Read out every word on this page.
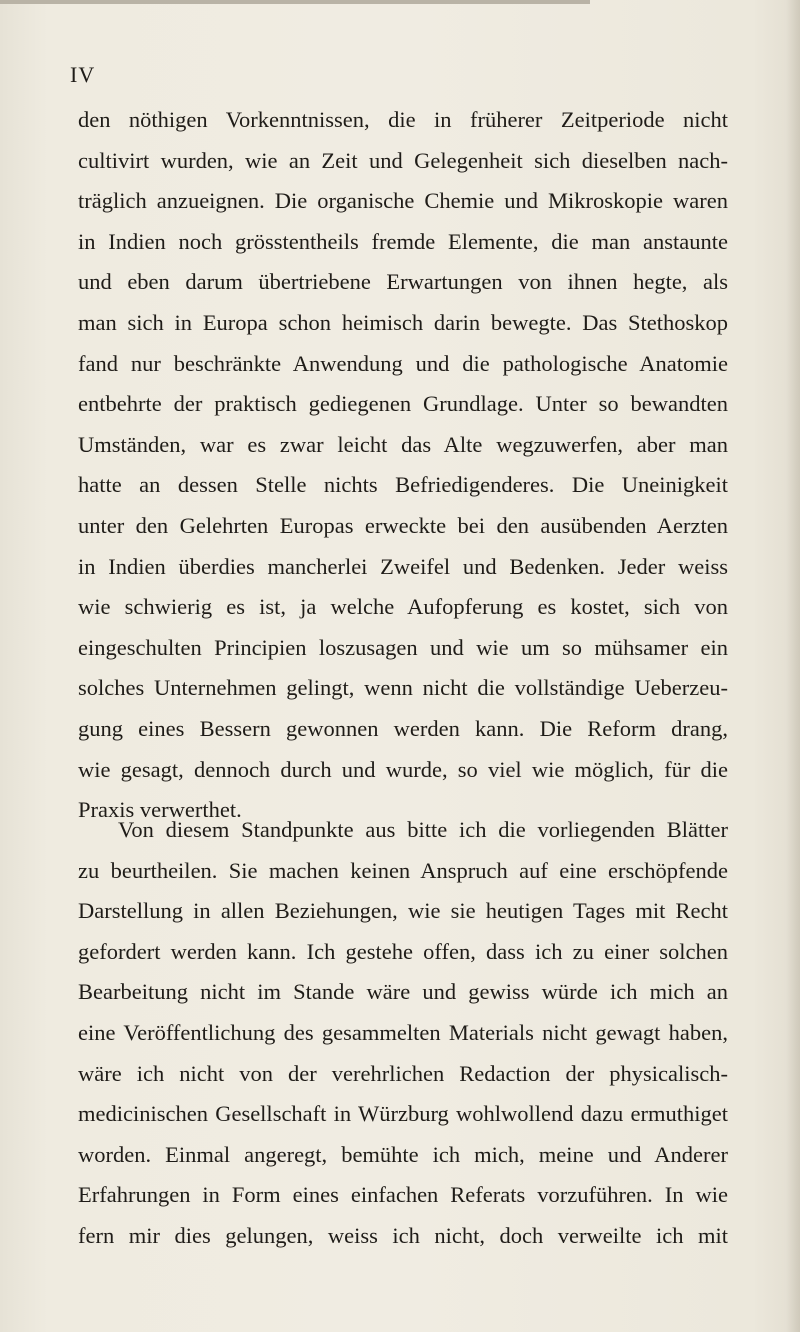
IV

den nöthigen Vorkenntnissen, die in früherer Zeitperiode nicht
cultivirt wurden, wie an Zeit und Gelegenheit sich dieselben nach-
träglich anzueignen. Die organische Chemie und Mikroskopie waren
in Indien noch grösstentheils fremde Elemente, die man anstaunte
und eben darum übertriebene Erwartungen von ihnen hegte, als
man sich in Europa schon heimisch darin bewegte. Das Stethoskop
fand nur beschränkte Anwendung und die pathologische Anatomie
entbehrte der praktisch gediegenen Grundlage. Unter so bewandten
Umständen, war es zwar leicht das Alte wegzuwerfen, aber man
hatte an dessen Stelle nichts Befriedigenderes. Die Uneinigkeit
unter den Gelehrten Europas erweckte bei den ausübenden Aerzten
in Indien überdies mancherlei Zweifel und Bedenken. Jeder weiss
wie schwierig es ist, ja welche Aufopferung es kostet, sich von
eingeschulten Principien loszusagen und wie um so mühsamer ein
solches Unternehmen gelingt, wenn nicht die vollständige Ueberzeu-
gung eines Bessern gewonnen werden kann. Die Reform drang,
wie gesagt, dennoch durch und wurde, so viel wie möglich, für die
Praxis verwerthet.

Von diesem Standpunkte aus bitte ich die vorliegenden Blätter
zu beurtheilen. Sie machen keinen Anspruch auf eine erschöpfende
Darstellung in allen Beziehungen, wie sie heutigen Tages mit Recht
gefordert werden kann. Ich gestehe offen, dass ich zu einer solchen
Bearbeitung nicht im Stande wäre und gewiss würde ich mich an
eine Veröffentlichung des gesammelten Materials nicht gewagt haben,
wäre ich nicht von der verehrlichen Redaction der physicalisch-
medicinischen Gesellschaft in Würzburg wohlwollend dazu ermuthiget
worden. Einmal angeregt, bemühte ich mich, meine und Anderer
Erfahrungen in Form eines einfachen Referats vorzuführen. In wie
fern mir dies gelungen, weiss ich nicht, doch verweilte ich mit
